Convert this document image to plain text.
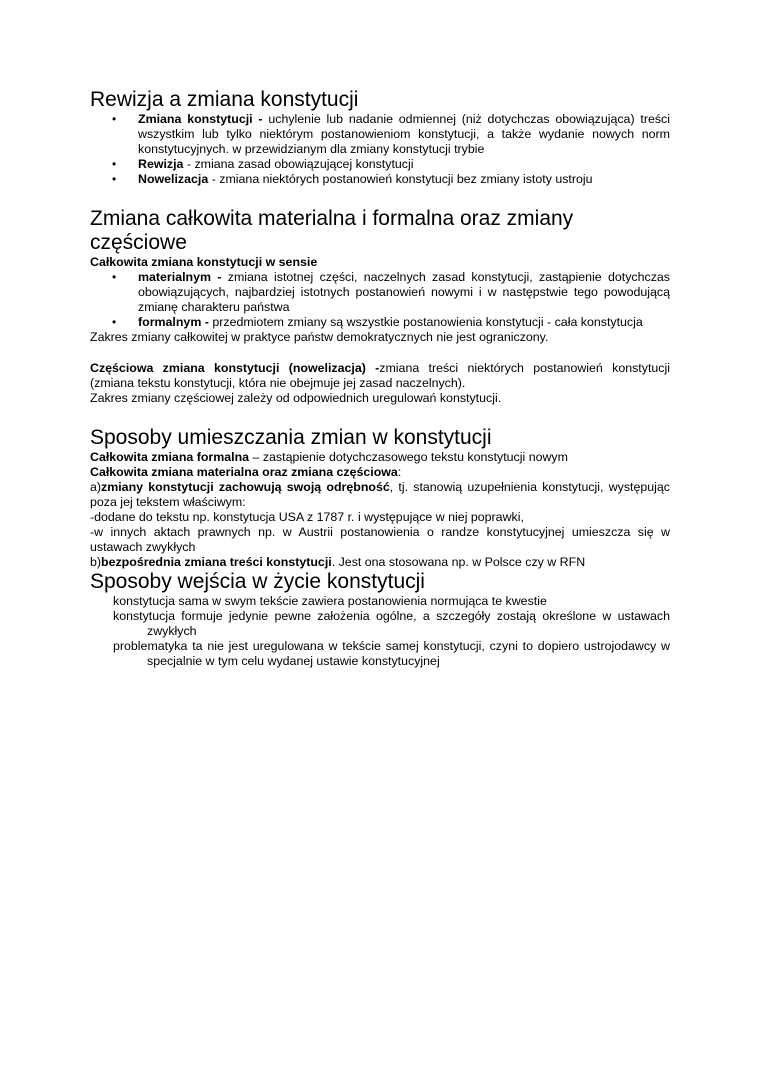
Rewizja a zmiana konstytucji
• Zmiana konstytucji - uchylenie lub nadanie odmiennej (niż dotychczas obowiązująca) treści wszystkim lub tylko niektórym postanowieniom konstytucji, a także wydanie nowych norm konstytucyjnych. w przewidzianym dla zmiany konstytucji trybie
• Rewizja - zmiana zasad obowiązującej konstytucji
• Nowelizacja - zmiana niektórych postanowień konstytucji bez zmiany istoty ustroju
Zmiana całkowita materialna i formalna oraz zmiany częściowe

Całkowita zmiana konstytucji w sensie

• materialnym - zmiana istotnej części, naczelnych zasad konstytucji, zastąpienie dotychczas obowiązujących, najbardziej istotnych postanowień nowymi i w następstwie tego powodującą zmianę charakteru państwa
• formalnym - przedmiotem zmiany są wszystkie postanowienia konstytucji - cała konstytucja

Zakres zmiany całkowitej w praktyce państw demokratycznych nie jest ograniczony.

Częściowa zmiana konstytucji (nowelizacja) -zmiana treści niektórych postanowień konstytucji (zmiana tekstu konstytucji, która nie obejmuje jej zasad naczelnych).

Zakres zmiany częściowej zależy od odpowiednich uregulowań konstytucji.

Sposoby umieszczania zmian w konstytucji

Całkowita zmiana formalna – zastąpienie dotychczasowego tekstu konstytucji nowym

Całkowita zmiana materialna oraz zmiana częściowa:

a)zmiany konstytucji zachowują swoją odrębność, tj. stanowią uzupełnienia konstytucji, występując poza jej tekstem właściwym:

-dodane do tekstu np. konstytucja USA z 1787 r. i występujące w niej poprawki,

-w innych aktach prawnych np. w Austrii postanowienia o randze konstytucyjnej umieszcza się w ustawach zwykłych

b)bezpośrednia zmiana treści konstytucji. Jest ona stosowana np. w Polsce czy w RFN

Sposoby wejścia w życie konstytucji
konstytucja sama w swym tekście zawiera postanowienia normująca te kwestie
konstytucja formuje jedynie pewne założenia ogólne, a szczegóły zostają określone w ustawach zwykłych
problematyka ta nie jest uregulowana w tekście samej konstytucji, czyni to dopiero ustrojodawcy w specjalnie w tym celu wydanej ustawie konstytucyjnej
